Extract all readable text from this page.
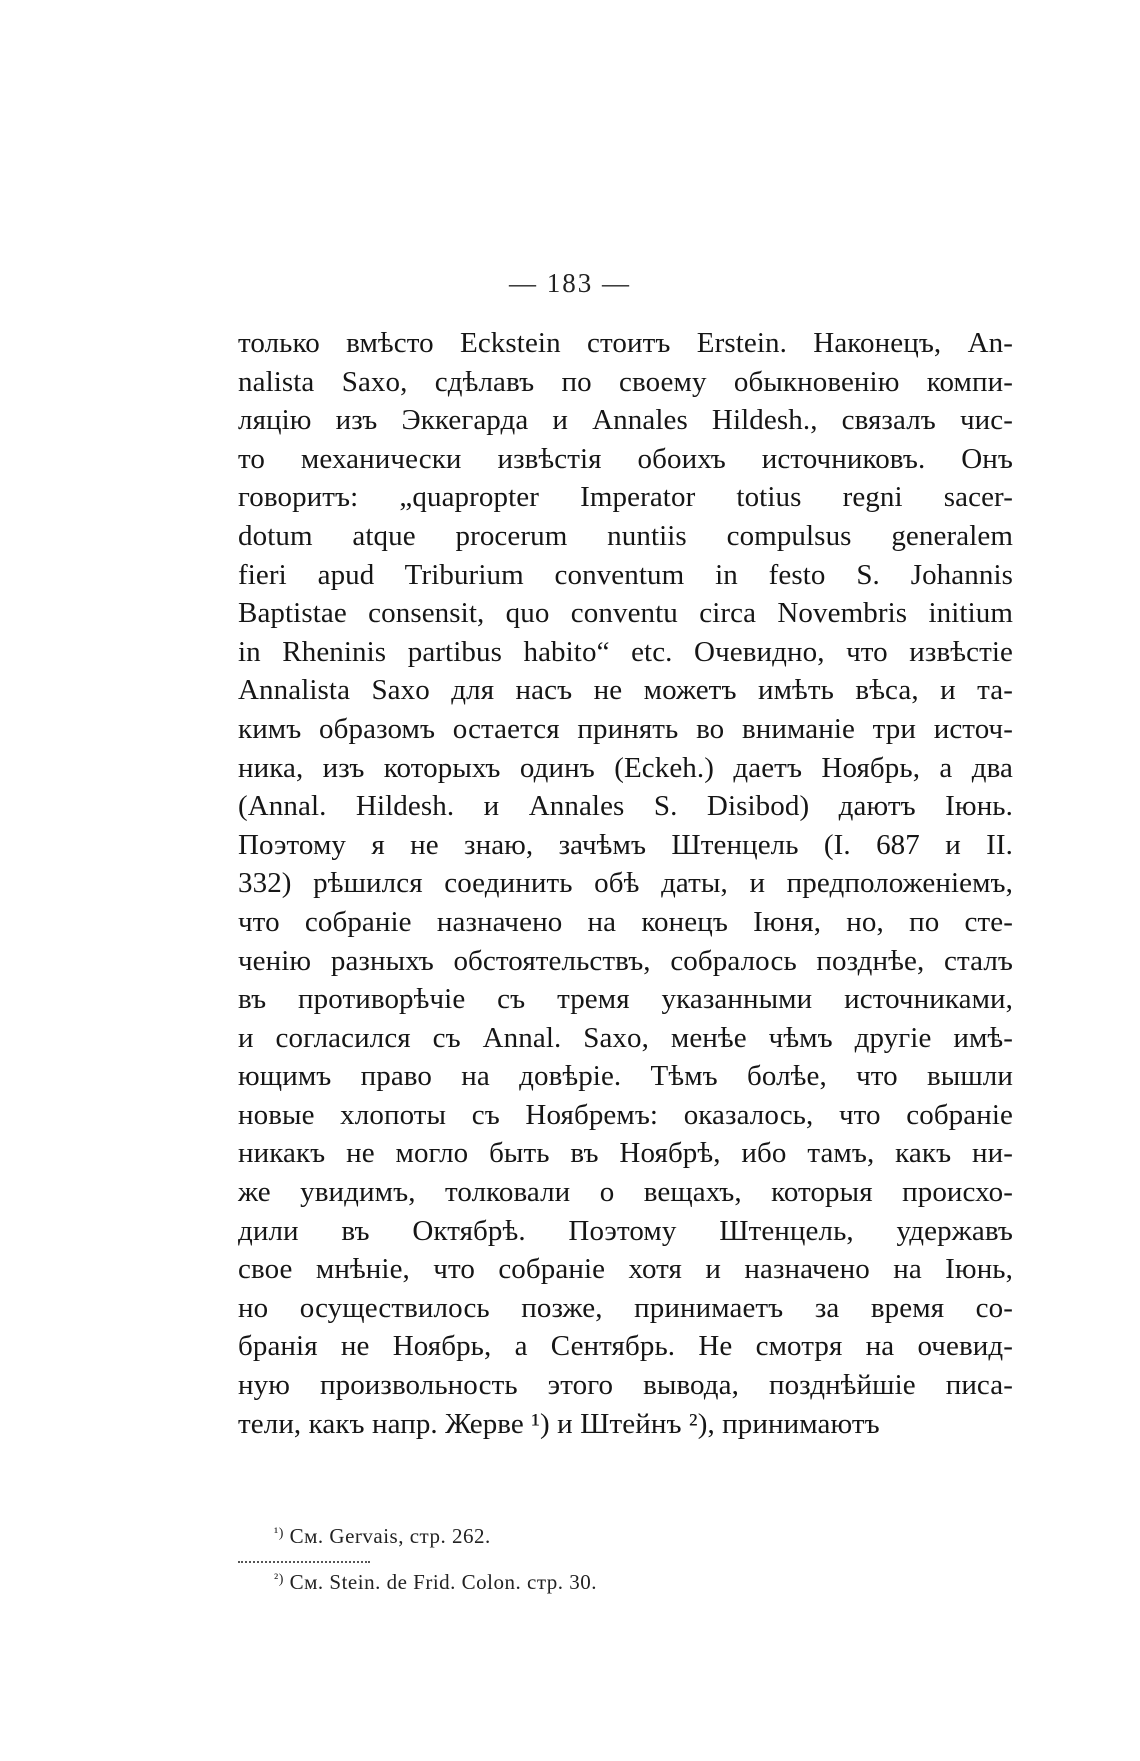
— 183 —
только вмѣсто Eckstein стоитъ Erstein. Наконецъ, An-
nalista Saxo, сдѣлавъ по своему обыкновенію компи-
ляцію изъ Эккегарда и Annales Hildesh., связалъ чис-
то механически извѣстія обоихъ источниковъ. Онъ
говоритъ: „quapropter Imperator totius regni sacer-
dotum atque procerum nuntiis compulsus generalem
fieri apud Triburium conventum in festo S. Johannis
Baptistae consensit, quo conventu circa Novembris initium
in Rheninis partibus habito“ etc. Очевидно, что извѣстіе
Annalista Saxo для насъ не можетъ имѣть вѣса, и та-
кимъ образомъ остается принять во вниманіе три источ-
ника, изъ которыхъ одинъ (Eckeh.) даетъ Ноябрь, а два
(Annal. Hildesh. и Annales S. Disibod) даютъ Іюнь.
Поэтому я не знаю, зачѣмъ Штенцель (I. 687 и II.
332) рѣшился соединить обѣ даты, и предположеніемъ,
что собраніе назначено на конецъ Іюня, но, по сте-
ченію разныхъ обстоятельствъ, собралось позднѣе, сталъ
въ противорѣчіе съ тремя указанными источниками,
и согласился съ Annal. Saxo, менѣе чѣмъ другіе имѣ-
ющимъ право на довѣріе. Тѣмъ болѣе, что вышли
новые хлопоты съ Ноябремъ: оказалось, что собраніе
никакъ не могло быть въ Ноябрѣ, ибо тамъ, какъ ни-
же увидимъ, толковали о вещахъ, которыя происхо-
дили въ Октябрѣ. Поэтому Штенцель, удержавъ
свое мнѣніе, что собраніе хотя и назначено на Іюнь,
но осуществилось позже, принимаетъ за время со-
бранія не Ноябрь, а Сентябрь. Не смотря на очевид-
ную произвольность этого вывода, позднѣйшіе писа-
тели, какъ напр. Жерве ¹) и Штейнъ ²), принимаютъ
$^{^1)}$ См. Gervais, стр. 262.
$^{^2)}$ См. Stein. de Frid. Colon. стр. 30.
